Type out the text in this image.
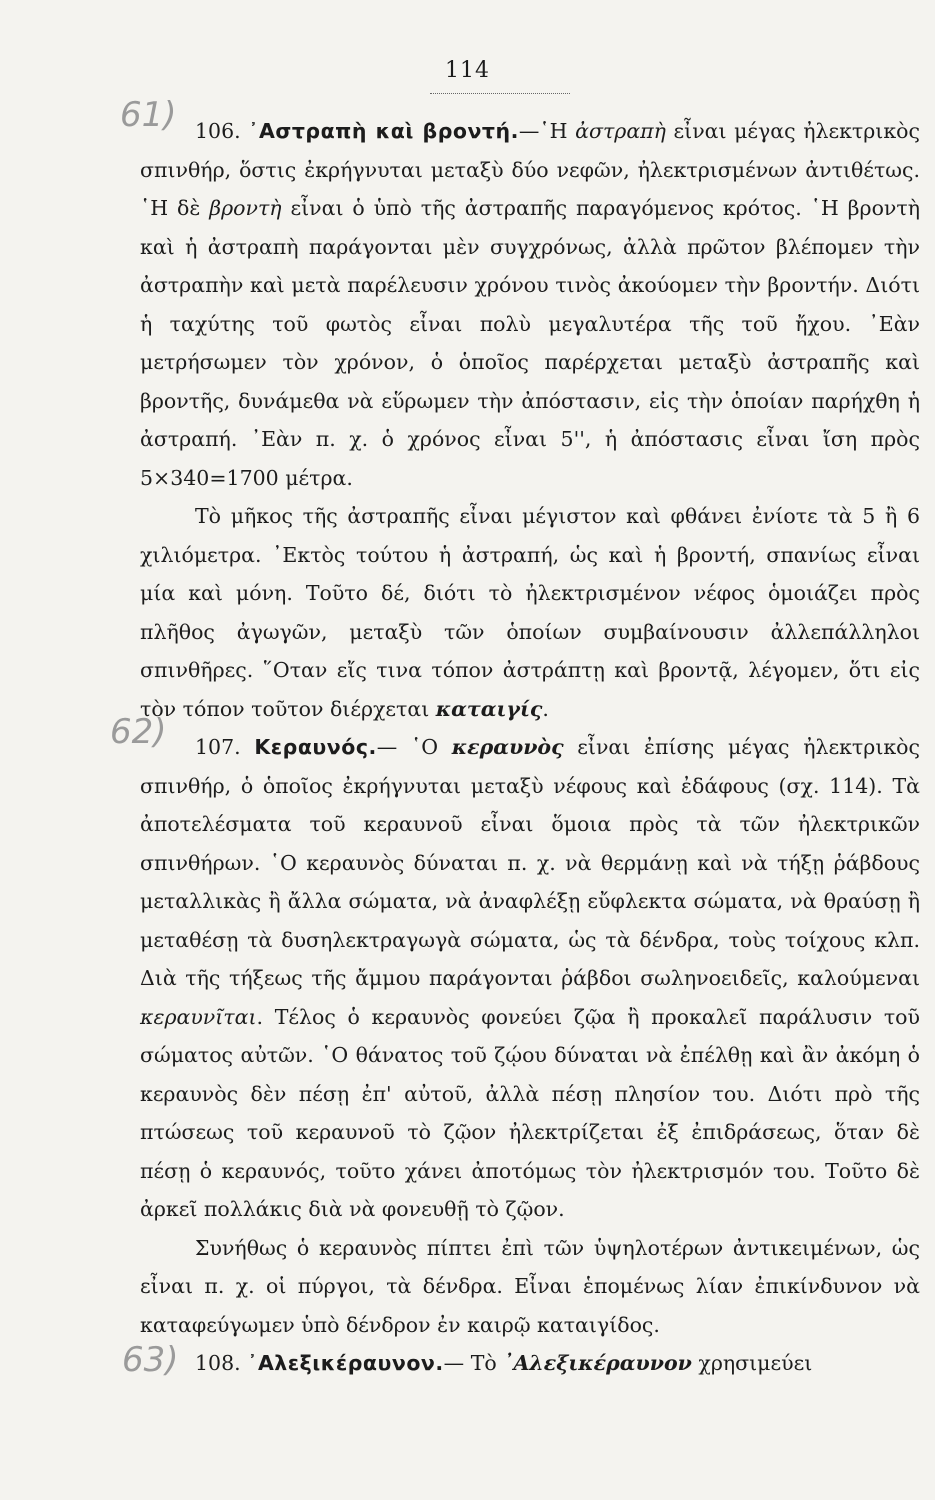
114
61)
62)
63)

106. ᾿Αστραπὴ καὶ βροντή.—῾Η ἀστραπὴ εἶναι μέγας ἠλεκτρικὸς σπινθήρ, ὅστις ἐκρήγνυται μεταξὺ δύο νεφῶν, ἠλεκτρισμένων ἀντιθέτως. ῾Η δὲ βροντὴ εἶναι ὁ ὑπὸ τῆς ἀστραπῆς παραγόμενος κρότος. ῾Η βροντὴ καὶ ἡ ἀστραπὴ παράγονται μὲν συγχρόνως, ἀλλὰ πρῶτον βλέπομεν τὴν ἀστραπὴν καὶ μετὰ παρέλευσιν χρόνου τινὸς ἀκούομεν τὴν βροντήν. Διότι ἡ ταχύτης τοῦ φωτὸς εἶναι πολὺ μεγαλυτέρα τῆς τοῦ ἤχου. ᾿Εὰν μετρήσωμεν τὸν χρόνον, ὁ ὁποῖος παρέρχεται μεταξὺ ἀστραπῆς καὶ βροντῆς, δυνάμεθα νὰ εὕρωμεν τὴν ἀπόστασιν, εἰς τὴν ὁποίαν παρήχθη ἡ ἀστραπή. ᾿Εὰν π. χ. ὁ χρόνος εἶναι 5'', ἡ ἀπόστασις εἶναι ἴση πρὸς 5×340=1700 μέτρα.

Τὸ μῆκος τῆς ἀστραπῆς εἶναι μέγιστον καὶ φθάνει ἐνίοτε τὰ 5 ἢ 6 χιλιόμετρα. ᾿Εκτὸς τούτου ἡ ἀστραπή, ὡς καὶ ἡ βροντή, σπανίως εἶναι μία καὶ μόνη. Τοῦτο δέ, διότι τὸ ἠλεκτρισμένον νέφος ὁμοιάζει πρὸς πλῆθος ἀγωγῶν, μεταξὺ τῶν ὁποίων συμβαίνουσιν ἀλλεπάλληλοι σπινθῆρες. ῞Οταν εἴς τινα τόπον ἀστράπτῃ καὶ βροντᾷ, λέγομεν, ὅτι εἰς τὸν τόπον τοῦτον διέρχεται καταιγίς.

107. Κεραυνός.— ῾Ο κεραυνὸς εἶναι ἐπίσης μέγας ἠλεκτρικὸς σπινθήρ, ὁ ὁποῖος ἐκρήγνυται μεταξὺ νέφους καὶ ἐδάφους (σχ. 114). Τὰ ἀποτελέσματα τοῦ κεραυνοῦ εἶναι ὅμοια πρὸς τὰ τῶν ἠλεκτρικῶν σπινθήρων. ῾Ο κεραυνὸς δύναται π. χ. νὰ θερμάνῃ καὶ νὰ τήξῃ ῥάβδους μεταλλικὰς ἢ ἄλλα σώματα, νὰ ἀναφλέξῃ εὔφλεκτα σώματα, νὰ θραύσῃ ἢ μεταθέσῃ τὰ δυσηλεκτραγωγὰ σώματα, ὡς τὰ δένδρα, τοὺς τοίχους κλπ. Διὰ τῆς τήξεως τῆς ἄμμου παράγονται ῥάβδοι σωληνοειδεῖς, καλούμεναι κεραυνῖται. Τέλος ὁ κεραυνὸς φονεύει ζῷα ἢ προκαλεῖ παράλυσιν τοῦ σώματος αὐτῶν. ῾Ο θάνατος τοῦ ζῴου δύναται νὰ ἐπέλθῃ καὶ ἂν ἀκόμη ὁ κεραυνὸς δὲν πέσῃ ἐπ' αὐτοῦ, ἀλλὰ πέσῃ πλησίον του. Διότι πρὸ τῆς πτώσεως τοῦ κεραυνοῦ τὸ ζῷον ἠλεκτρίζεται ἐξ ἐπιδράσεως, ὅταν δὲ πέσῃ ὁ κεραυνός, τοῦτο χάνει ἀποτόμως τὸν ἠλεκτρισμόν του. Τοῦτο δὲ ἀρκεῖ πολλάκις διὰ νὰ φονευθῇ τὸ ζῷον.

Συνήθως ὁ κεραυνὸς πίπτει ἐπὶ τῶν ὑψηλοτέρων ἀντικειμένων, ὡς εἶναι π. χ. οἱ πύργοι, τὰ δένδρα. Εἶναι ἑπομένως λίαν ἐπικίνδυνον νὰ καταφεύγωμεν ὑπὸ δένδρον ἐν καιρῷ καταιγίδος.

108. ᾿Αλεξικέραυνον.— Τὸ ᾿Αλεξικέραυνον χρησιμεύει
